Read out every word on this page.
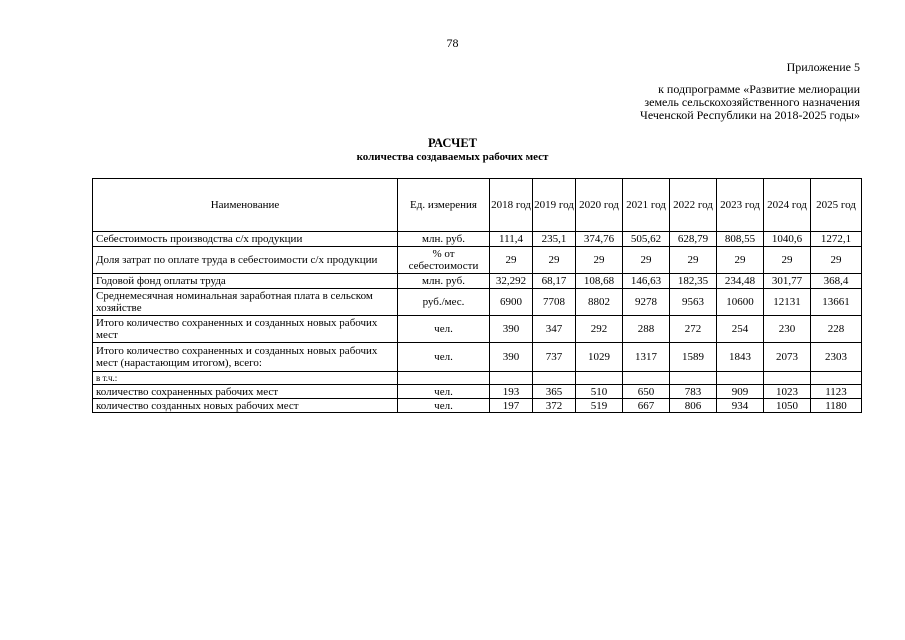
78
Приложение 5
к подпрограмме «Развитие мелиорации
земель сельскохозяйственного назначения
Чеченской Республики на 2018-2025 годы»
РАСЧЕТ
количества создаваемых рабочих мест
Наименование	Ед. измерения	2018 год	2019 год	2020 год	2021 год	2022 год	2023 год	2024 год	2025 год
Себестоимость производства с/х продукции	млн. руб.	111,4	235,1	374,76	505,62	628,79	808,55	1040,6	1272,1
Доля затрат по оплате труда в себестоимости с/х продукции	% от себестоимости	29	29	29	29	29	29	29	29
Годовой фонд оплаты труда	млн. руб.	32,292	68,17	108,68	146,63	182,35	234,48	301,77	368,4
Среднемесячная номинальная заработная плата в сельском хозяйстве	руб./мес.	6900	7708	8802	9278	9563	10600	12131	13661
Итого количество сохраненных и созданных новых рабочих мест	чел.	390	347	292	288	272	254	230	228
Итого количество сохраненных и созданных новых рабочих мест (нарастающим итогом), всего:	чел.	390	737	1029	1317	1589	1843	2073	2303
в т.ч.:									
количество сохраненных рабочих мест	чел.	193	365	510	650	783	909	1023	1123
количество созданных новых рабочих мест	чел.	197	372	519	667	806	934	1050	1180
